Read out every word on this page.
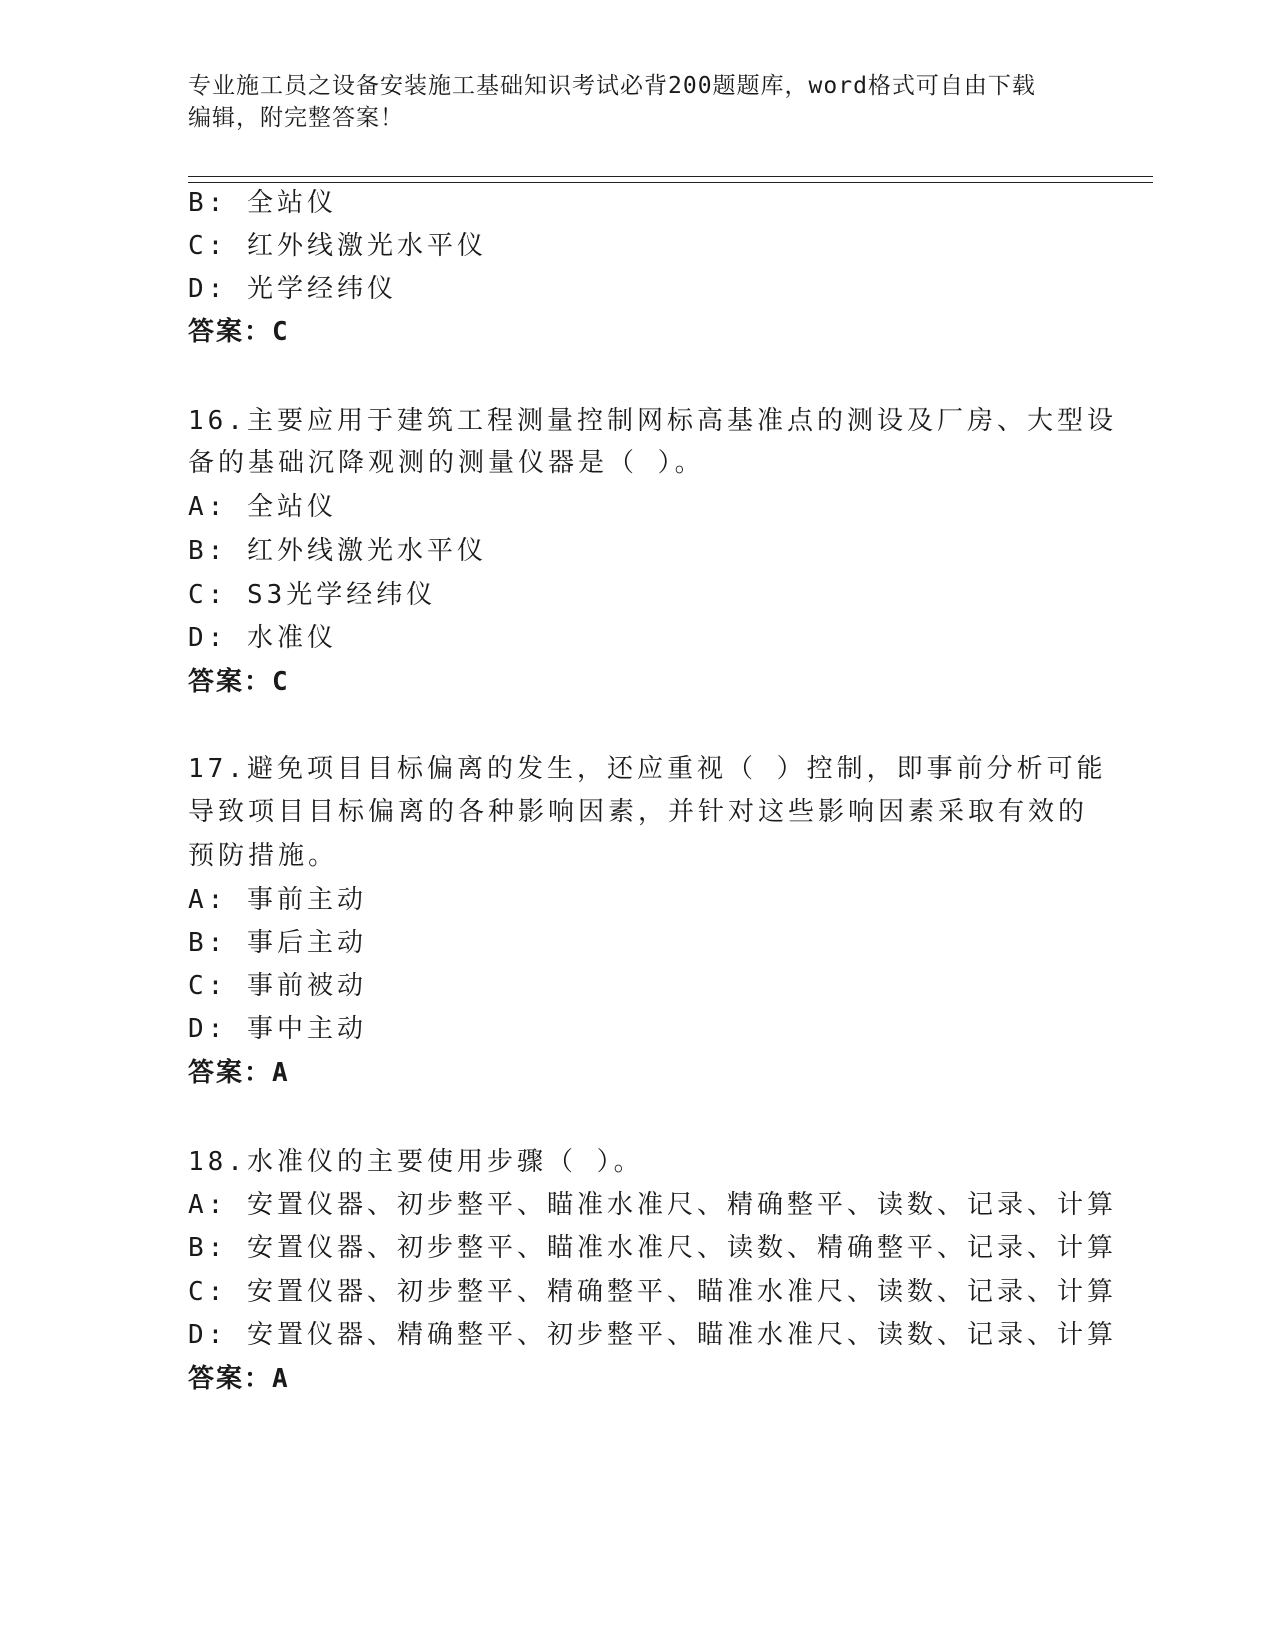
专业施工员之设备安装施工基础知识考试必背200题题库，word格式可自由下载
编辑，附完整答案！
B: 全站仪
C: 红外线激光水平仪
D: 光学经纬仪
答案：C
16.主要应用于建筑工程测量控制网标高基准点的测设及厂房、大型设
备的基础沉降观测的测量仪器是（ ）。
A: 全站仪
B: 红外线激光水平仪
C: S3光学经纬仪
D: 水准仪
答案：C
17.避免项目目标偏离的发生，还应重视（ ）控制，即事前分析可能
导致项目目标偏离的各种影响因素，并针对这些影响因素采取有效的
预防措施。
A: 事前主动
B: 事后主动
C: 事前被动
D: 事中主动
答案：A
18.水准仪的主要使用步骤（ ）。
A: 安置仪器、初步整平、瞄准水准尺、精确整平、读数、记录、计算
B: 安置仪器、初步整平、瞄准水准尺、读数、精确整平、记录、计算
C: 安置仪器、初步整平、精确整平、瞄准水准尺、读数、记录、计算
D: 安置仪器、精确整平、初步整平、瞄准水准尺、读数、记录、计算
答案：A
